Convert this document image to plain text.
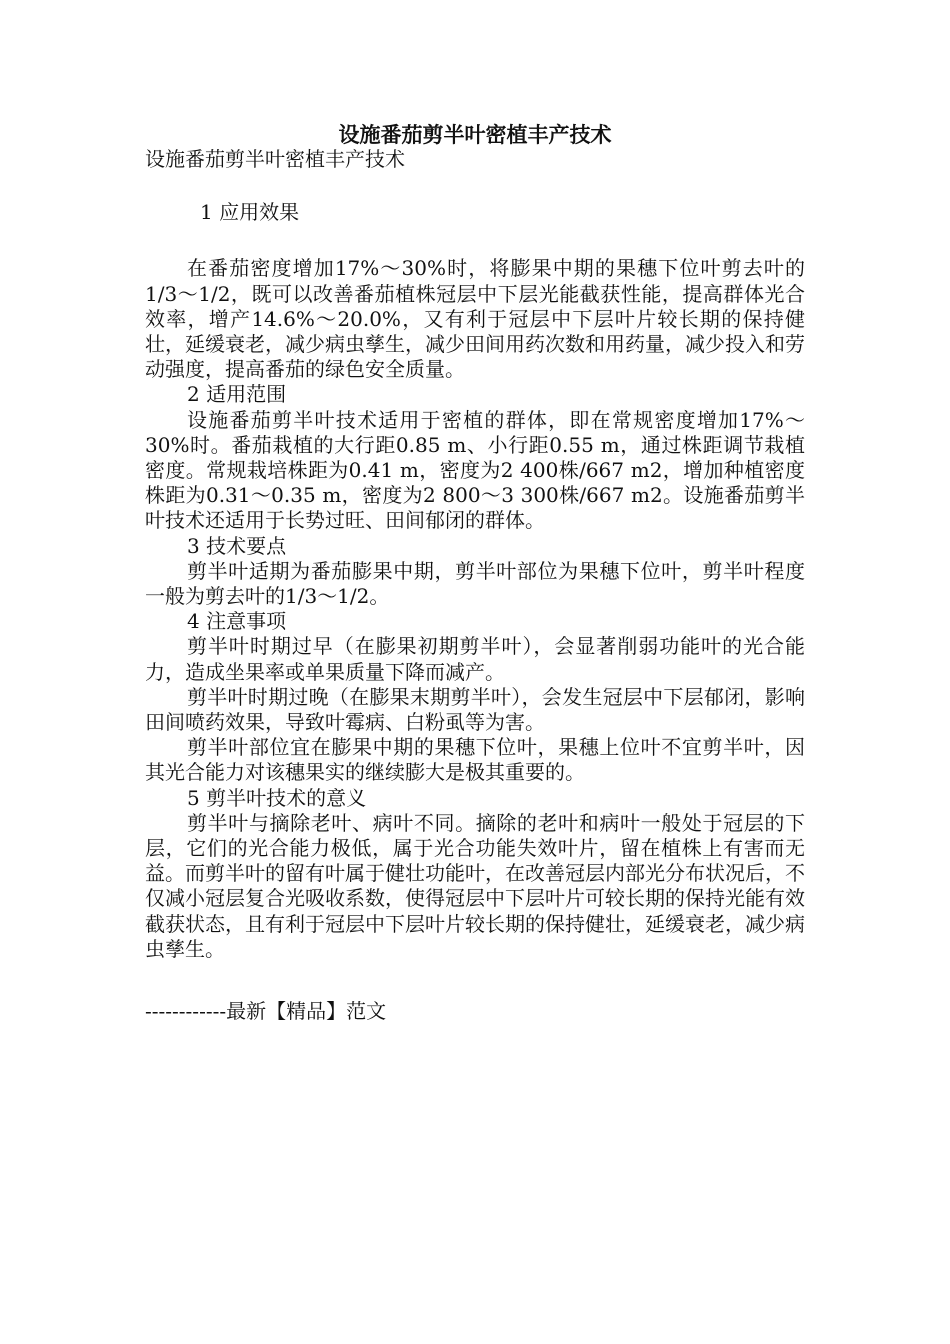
设施番茄剪半叶密植丰产技术

设施番茄剪半叶密植丰产技术

1 应用效果

在番茄密度增加17%～30%时，将膨果中期的果穗下位叶剪去叶的1/3～1/2，既可以改善番茄植株冠层中下层光能截获性能，提高群体光合效率，增产14.6%～20.0%，又有利于冠层中下层叶片较长期的保持健壮，延缓衰老，减少病虫孳生，减少田间用药次数和用药量，减少投入和劳动强度，提高番茄的绿色安全质量。

2 适用范围

设施番茄剪半叶技术适用于密植的群体，即在常规密度增加17%～30%时。番茄栽植的大行距0.85 m、小行距0.55 m，通过株距调节栽植密度。常规栽培株距为0.41 m，密度为2 400株/667 m2，增加种植密度株距为0.31～0.35 m，密度为2 800～3 300株/667 m2。设施番茄剪半叶技术还适用于长势过旺、田间郁闭的群体。

3 技术要点

剪半叶适期为番茄膨果中期，剪半叶部位为果穗下位叶，剪半叶程度一般为剪去叶的1/3～1/2。

4 注意事项

剪半叶时期过早（在膨果初期剪半叶），会显著削弱功能叶的光合能力，造成坐果率或单果质量下降而减产。

剪半叶时期过晚（在膨果末期剪半叶），会发生冠层中下层郁闭，影响田间喷药效果，导致叶霉病、白粉虱等为害。

剪半叶部位宜在膨果中期的果穗下位叶，果穗上位叶不宜剪半叶，因其光合能力对该穗果实的继续膨大是极其重要的。

5 剪半叶技术的意义

剪半叶与摘除老叶、病叶不同。摘除的老叶和病叶一般处于冠层的下层，它们的光合能力极低，属于光合功能失效叶片，留在植株上有害而无益。而剪半叶的留有叶属于健壮功能叶，在改善冠层内部光分布状况后，不仅减小冠层复合光吸收系数，使得冠层中下层叶片可较长期的保持光能有效截获状态，且有利于冠层中下层叶片较长期的保持健壮，延缓衰老，减少病虫孳生。

------------最新【精品】范文
